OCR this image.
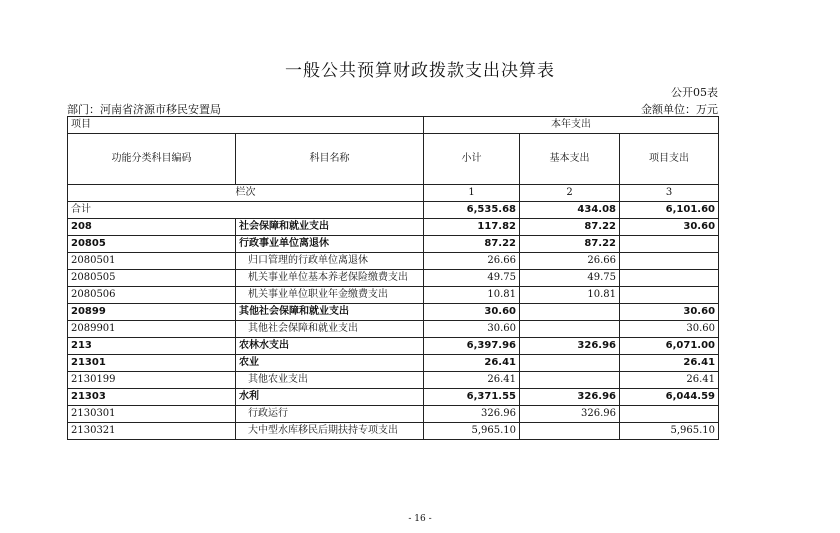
一般公共预算财政拨款支出决算表
公开05表
部门：河南省济源市移民安置局	金额单位：万元
项目		本年支出		
功能分类科目编码	科目名称	小计	基本支出	项目支出
栏次		1	2	3
合计		6,535.68	434.08	6,101.60
208	社会保障和就业支出	117.82	87.22	30.60
20805	行政事业单位离退休	87.22	87.22	
2080501	归口管理的行政单位离退休	26.66	26.66	
2080505	机关事业单位基本养老保险缴费支出	49.75	49.75	
2080506	机关事业单位职业年金缴费支出	10.81	10.81	
20899	其他社会保障和就业支出	30.60		30.60
2089901	其他社会保障和就业支出	30.60		30.60
213	农林水支出	6,397.96	326.96	6,071.00
21301	农业	26.41		26.41
2130199	其他农业支出	26.41		26.41
21303	水利	6,371.55	326.96	6,044.59
2130301	行政运行	326.96	326.96	
2130321	大中型水库移民后期扶持专项支出	5,965.10		5,965.10
- 16 -
